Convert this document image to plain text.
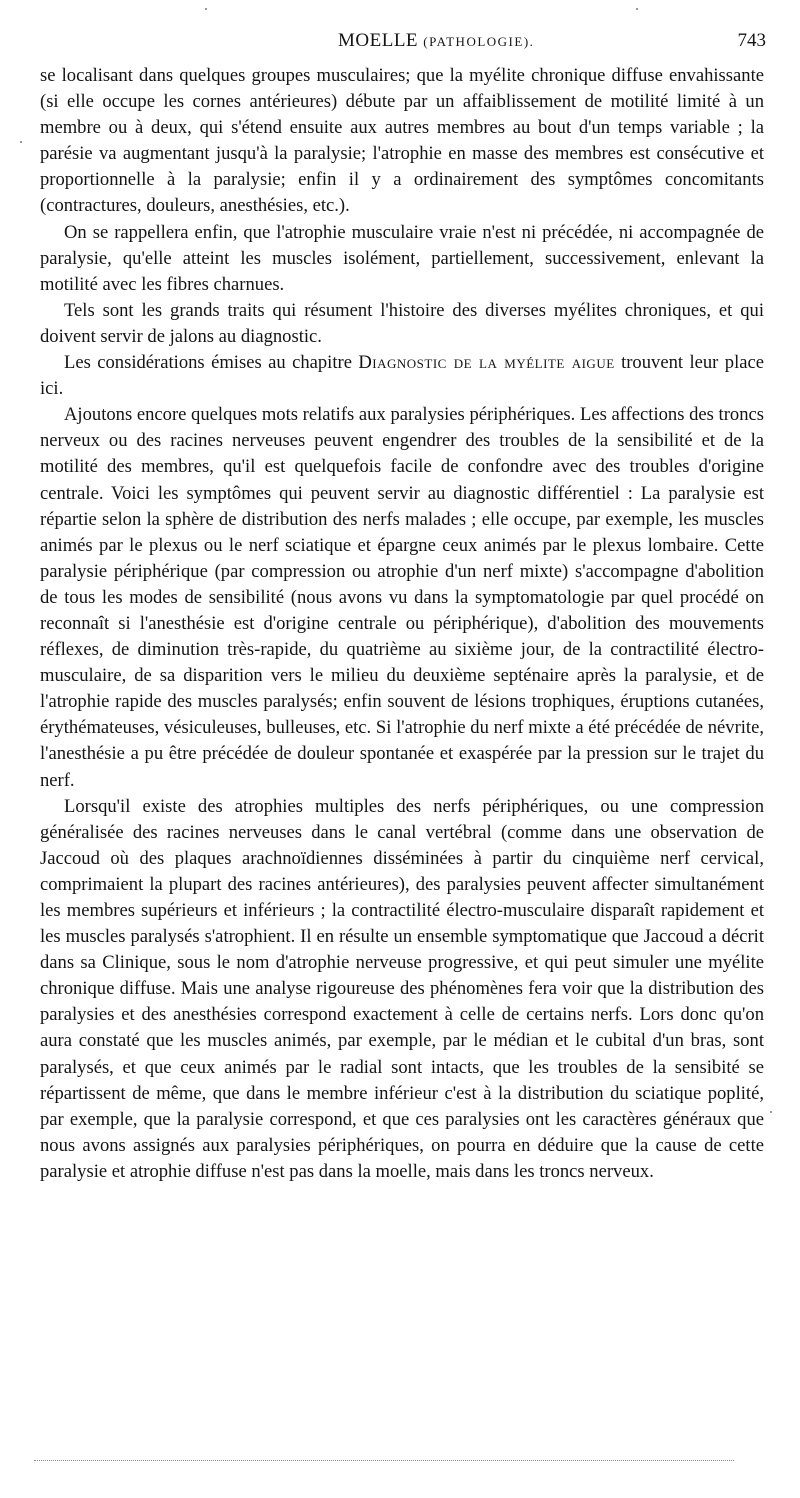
MOELLE (PATHOLOGIE).	743

se localisant dans quelques groupes musculaires; que la myélite chronique diffuse envahissante (si elle occupe les cornes antérieures) débute par un affaiblissement de motilité limité à un membre ou à deux, qui s'étend ensuite aux autres membres au bout d'un temps variable ; la parésie va augmentant jusqu'à la paralysie; l'atrophie en masse des membres est consécutive et proportionnelle à la paralysie; enfin il y a ordinairement des symptômes concomitants (contractures, douleurs, anesthésies, etc.).

On se rappellera enfin, que l'atrophie musculaire vraie n'est ni précédée, ni accompagnée de paralysie, qu'elle atteint les muscles isolément, partiellement, successivement, enlevant la motilité avec les fibres charnues.

Tels sont les grands traits qui résument l'histoire des diverses myélites chroniques, et qui doivent servir de jalons au diagnostic.

Les considérations émises au chapitre Diagnostic de la myélite aigue trouvent leur place ici.

Ajoutons encore quelques mots relatifs aux paralysies périphériques. Les affections des troncs nerveux ou des racines nerveuses peuvent engendrer des troubles de la sensibilité et de la motilité des membres, qu'il est quelquefois facile de confondre avec des troubles d'origine centrale. Voici les symptômes qui peuvent servir au diagnostic différentiel : La paralysie est répartie selon la sphère de distribution des nerfs malades ; elle occupe, par exemple, les muscles animés par le plexus ou le nerf sciatique et épargne ceux animés par le plexus lombaire. Cette paralysie périphérique (par compression ou atrophie d'un nerf mixte) s'accompagne d'abolition de tous les modes de sensibilité (nous avons vu dans la symptomatologie par quel procédé on reconnaît si l'anesthésie est d'origine centrale ou périphérique), d'abolition des mouvements réflexes, de diminution très-rapide, du quatrième au sixième jour, de la contractilité électro-musculaire, de sa disparition vers le milieu du deuxième septénaire après la paralysie, et de l'atrophie rapide des muscles paralysés; enfin souvent de lésions trophiques, éruptions cutanées, érythémateuses, vésiculeuses, bulleuses, etc. Si l'atrophie du nerf mixte a été précédée de névrite, l'anesthésie a pu être précédée de douleur spontanée et exaspérée par la pression sur le trajet du nerf.

Lorsqu'il existe des atrophies multiples des nerfs périphériques, ou une compression généralisée des racines nerveuses dans le canal vertébral (comme dans une observation de Jaccoud où des plaques arachnoïdiennes disséminées à partir du cinquième nerf cervical, comprimaient la plupart des racines antérieures), des paralysies peuvent affecter simultanément les membres supérieurs et inférieurs ; la contractilité électro-musculaire disparaît rapidement et les muscles paralysés s'atrophient. Il en résulte un ensemble symptomatique que Jaccoud a décrit dans sa Clinique, sous le nom d'atrophie nerveuse progressive, et qui peut simuler une myélite chronique diffuse. Mais une analyse rigoureuse des phénomènes fera voir que la distribution des paralysies et des anesthésies correspond exactement à celle de certains nerfs. Lors donc qu'on aura constaté que les muscles animés, par exemple, par le médian et le cubital d'un bras, sont paralysés, et que ceux animés par le radial sont intacts, que les troubles de la sensibité se répartissent de même, que dans le membre inférieur c'est à la distribution du sciatique poplité, par exemple, que la paralysie correspond, et que ces paralysies ont les caractères généraux que nous avons assignés aux paralysies périphériques, on pourra en déduire que la cause de cette paralysie et atrophie diffuse n'est pas dans la moelle, mais dans les troncs nerveux.
